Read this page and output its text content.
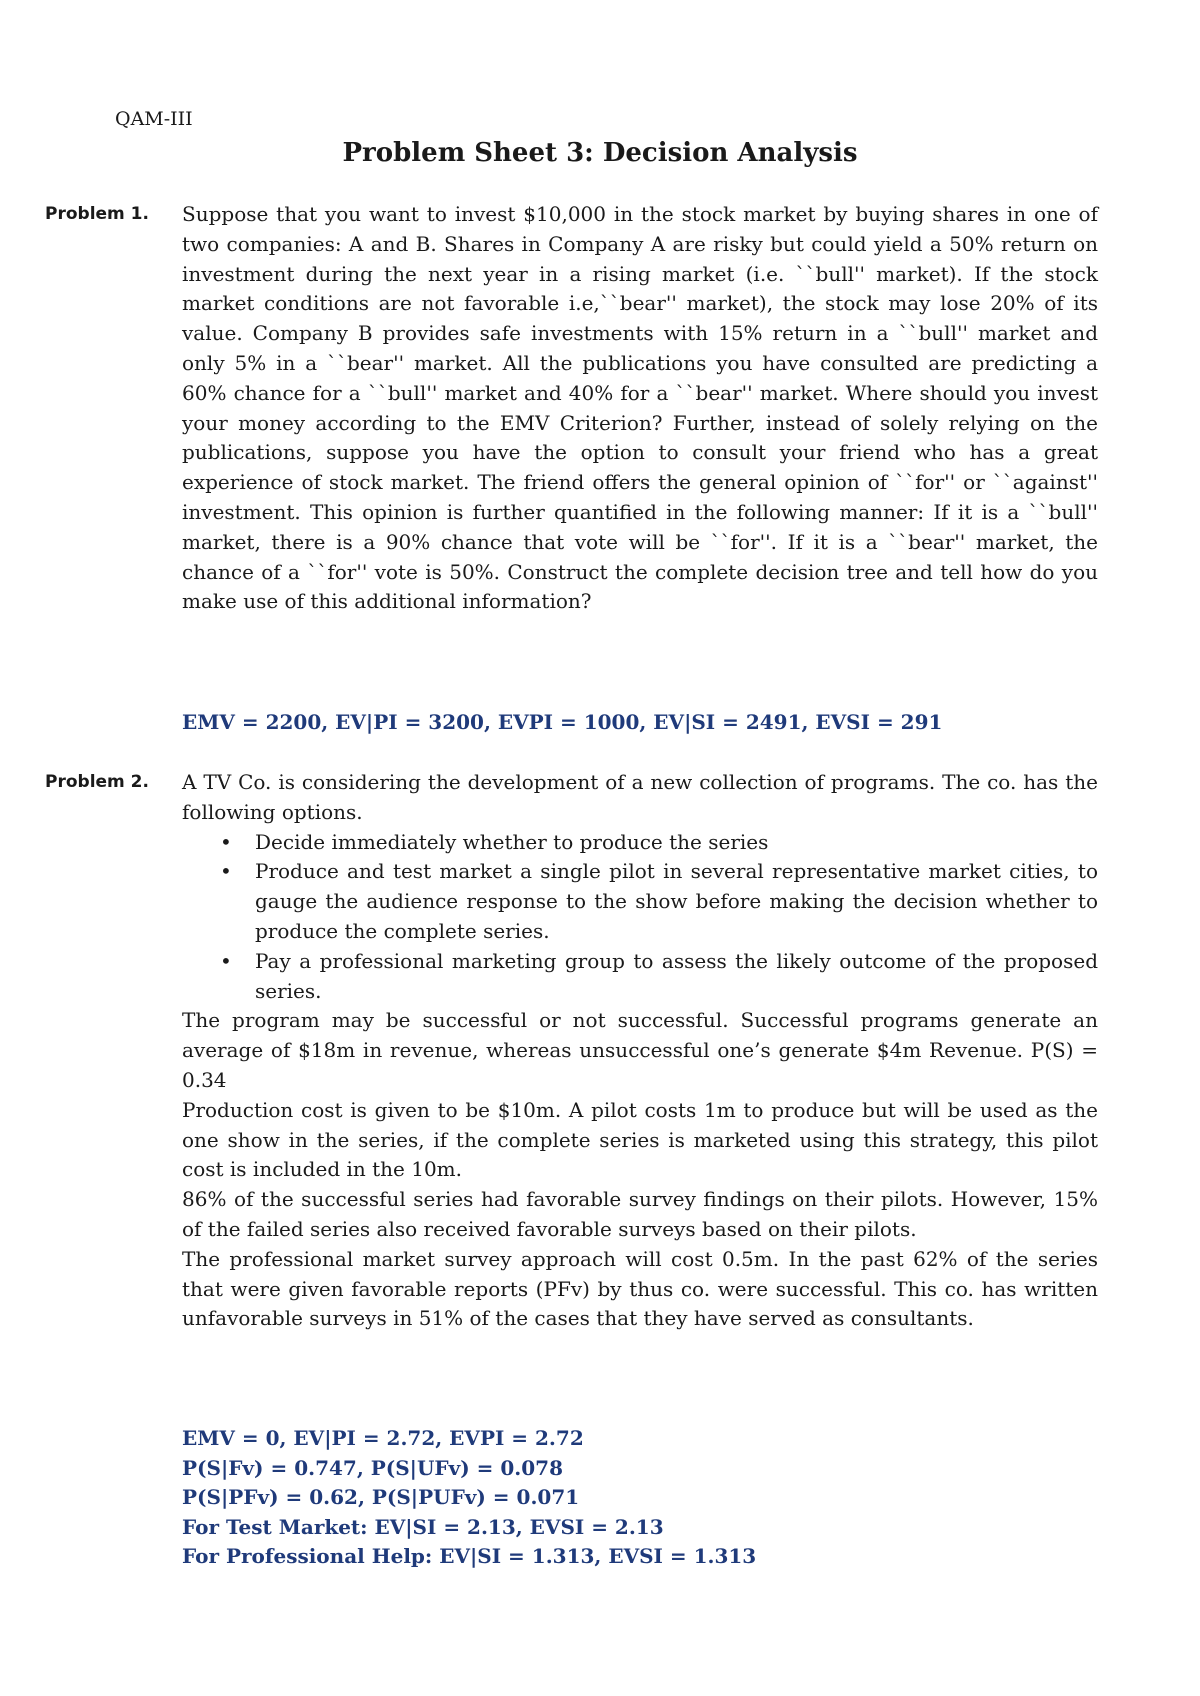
QAM-III
Problem Sheet 3: Decision Analysis
Problem 1. Suppose that you want to invest $10,000 in the stock market by buying shares in one of two companies: A and B. Shares in Company A are risky but could yield a 50% return on investment during the next year in a rising market (i.e. ``bull'' market). If the stock market conditions are not favorable i.e,``bear'' market), the stock may lose 20% of its value. Company B provides safe investments with 15% return in a ``bull'' market and only 5% in a ``bear'' market. All the publications you have consulted are predicting a 60% chance for a ``bull'' market and 40% for a ``bear'' market. Where should you invest your money according to the EMV Criterion? Further, instead of solely relying on the publications, suppose you have the option to consult your friend who has a great experience of stock market. The friend offers the general opinion of ``for'' or ``against'' investment. This opinion is further quantified in the following manner: If it is a ``bull'' market, there is a 90% chance that vote will be ``for''. If it is a ``bear'' market, the chance of a ``for'' vote is 50%. Construct the complete decision tree and tell how do you make use of this additional information?

EMV = 2200, EV|PI = 3200, EVPI = 1000, EV|SI = 2491, EVSI = 291
Problem 2. A TV Co. is considering the development of a new collection of programs. The co. has the following options.

• Decide immediately whether to produce the series
• Produce and test market a single pilot in several representative market cities, to gauge the audience response to the show before making the decision whether to produce the complete series.
• Pay a professional marketing group to assess the likely outcome of the proposed series.

The program may be successful or not successful. Successful programs generate an average of $18m in revenue, whereas unsuccessful one’s generate $4m Revenue. P(S) = 0.34

Production cost is given to be $10m. A pilot costs 1m to produce but will be used as the one show in the series, if the complete series is marketed using this strategy, this pilot cost is included in the 10m.

86% of the successful series had favorable survey findings on their pilots. However, 15% of the failed series also received favorable surveys based on their pilots.

The professional market survey approach will cost 0.5m. In the past 62% of the series that were given favorable reports (PFv) by thus co. were successful. This co. has written unfavorable surveys in 51% of the cases that they have served as consultants.

EMV = 0, EV|PI = 2.72, EVPI = 2.72
P(S|Fv) = 0.747, P(S|UFv) = 0.078
P(S|PFv) = 0.62, P(S|PUFv) = 0.071
For Test Market: EV|SI = 2.13, EVSI = 2.13
For Professional Help: EV|SI = 1.313, EVSI = 1.313
